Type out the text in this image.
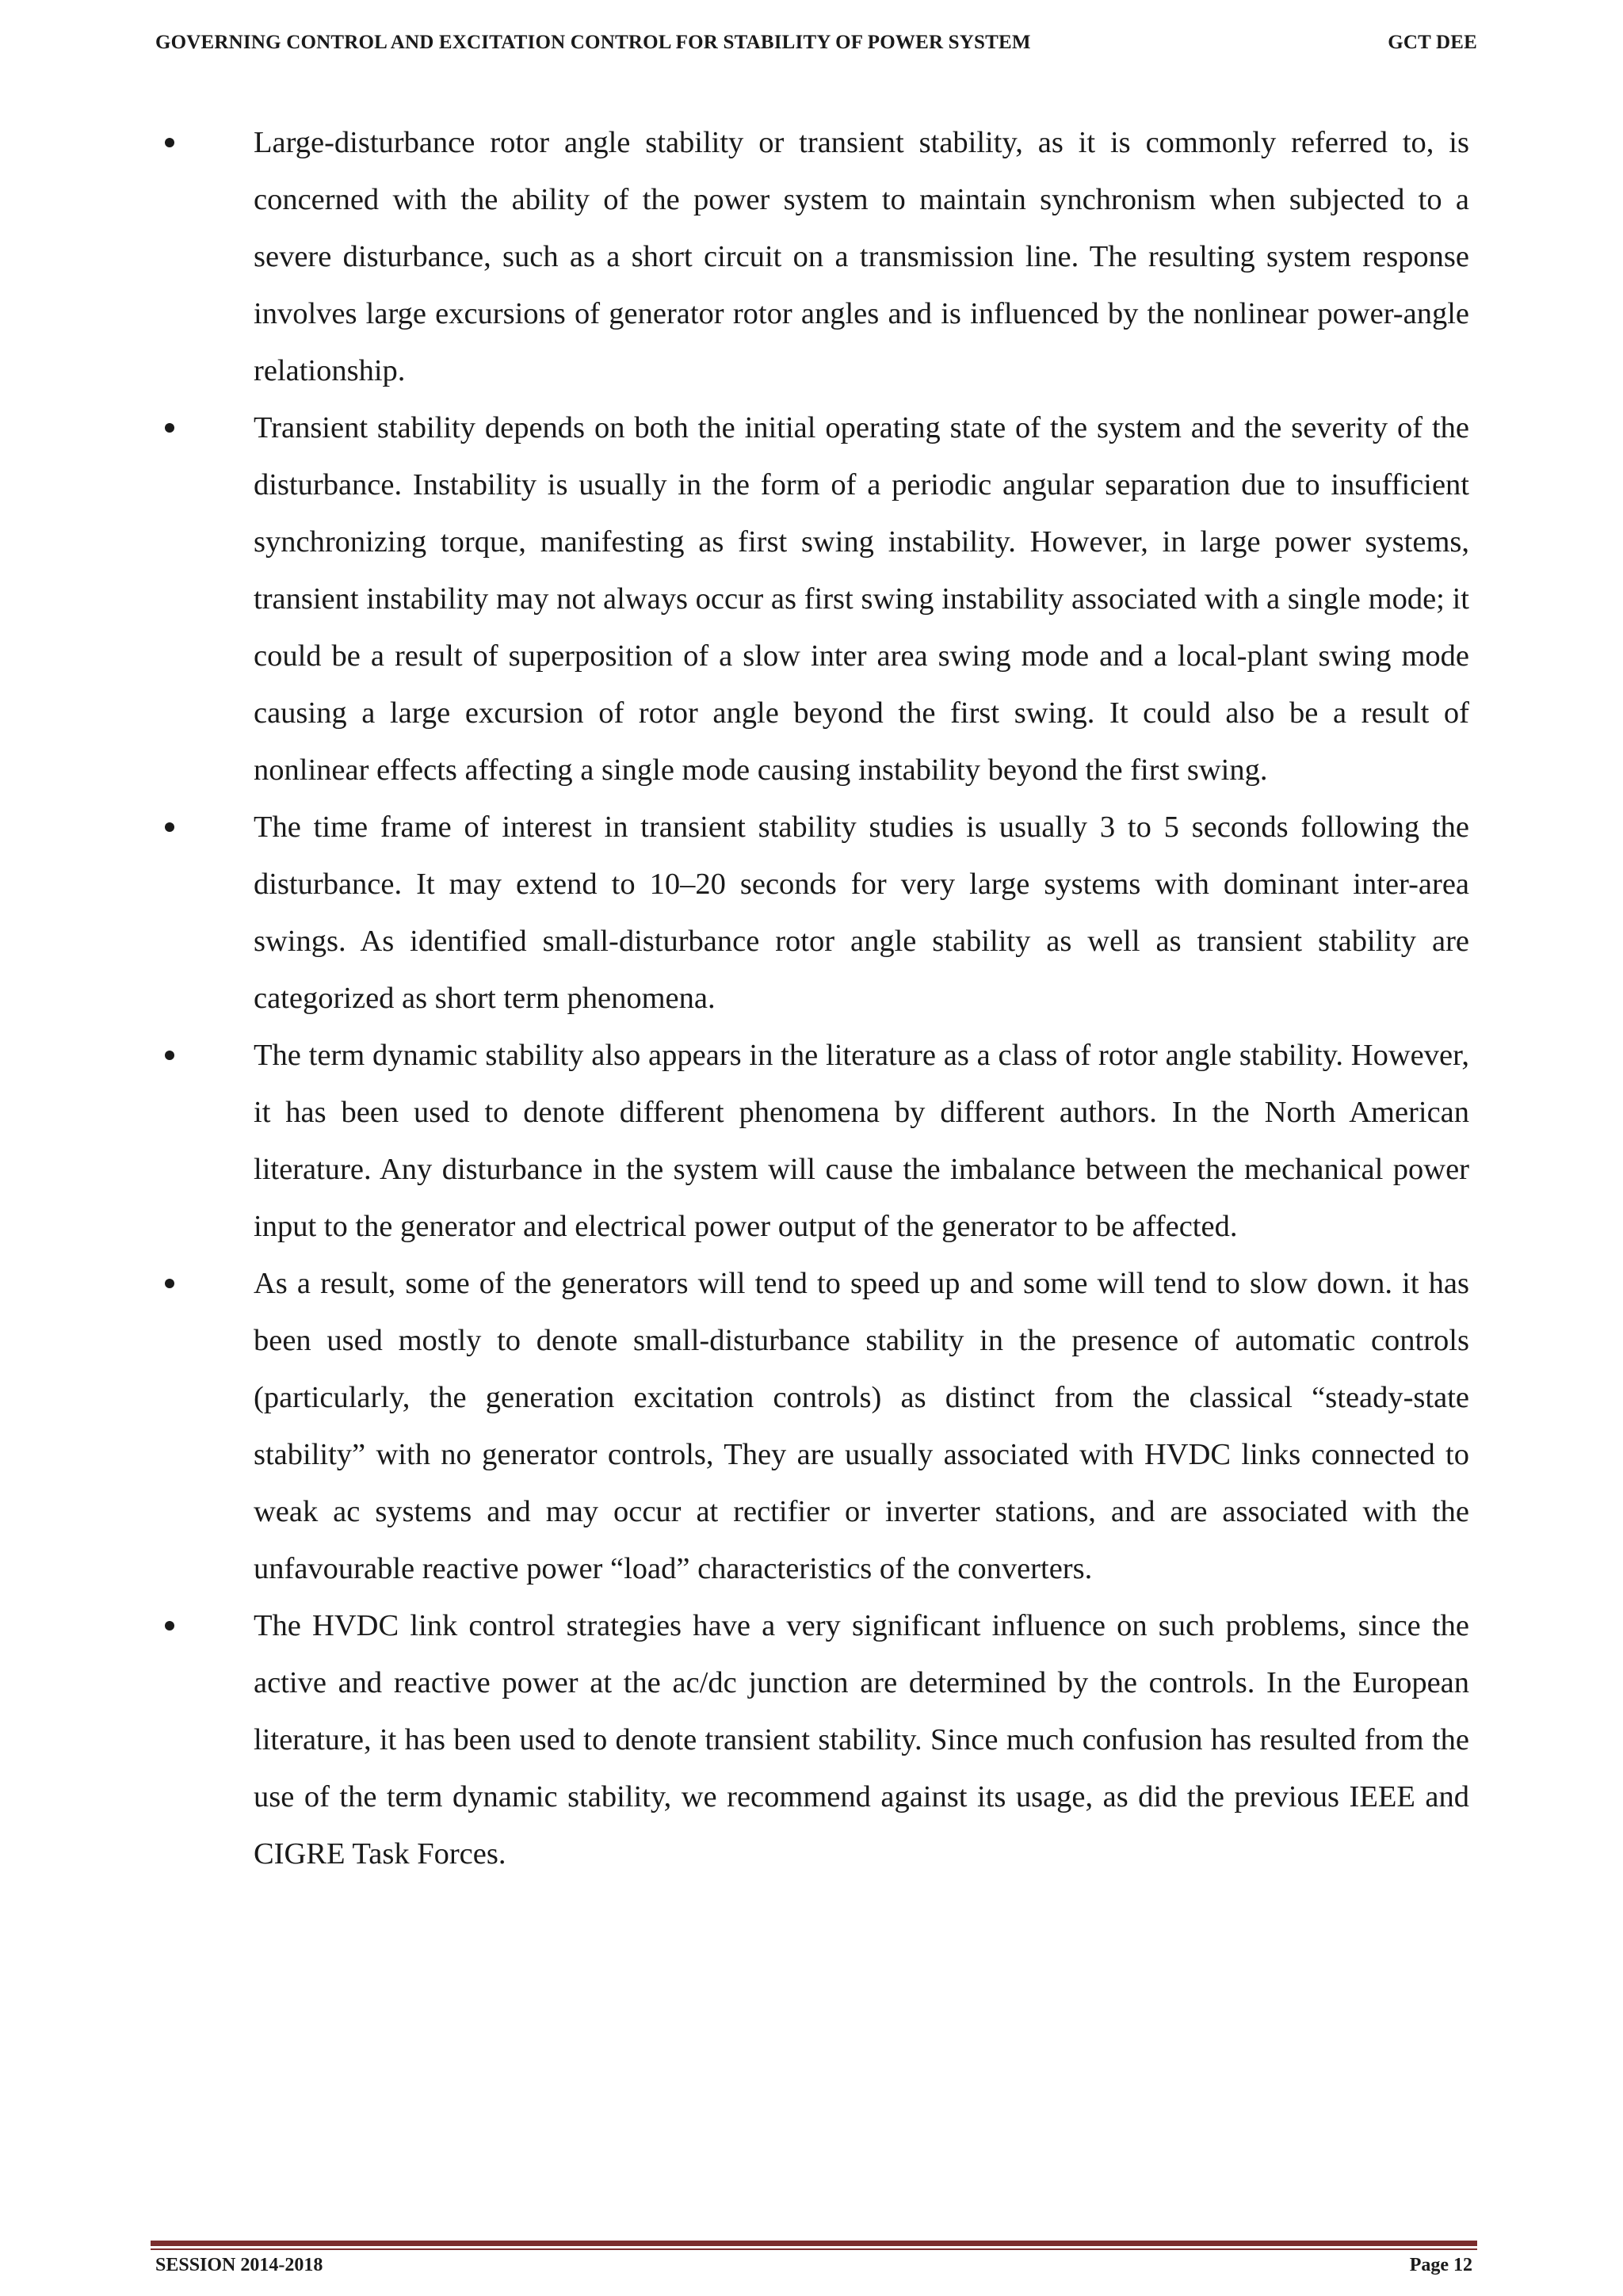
GOVERNING CONTROL AND EXCITATION CONTROL FOR STABILITY OF POWER SYSTEM	GCT DEE
Large-disturbance rotor angle stability or transient stability, as it is commonly referred to, is concerned with the ability of the power system to maintain synchronism when subjected to a severe disturbance, such as a short circuit on a transmission line. The resulting system response involves large excursions of generator rotor angles and is influenced by the nonlinear power-angle relationship.
Transient stability depends on both the initial operating state of the system and the severity of the disturbance. Instability is usually in the form of a periodic angular separation due to insufficient synchronizing torque, manifesting as first swing instability. However, in large power systems, transient instability may not always occur as first swing instability associated with a single mode; it could be a result of superposition of a slow inter area swing mode and a local-plant swing mode causing a large excursion of rotor angle beyond the first swing. It could also be a result of nonlinear effects affecting a single mode causing instability beyond the first swing.
The time frame of interest in transient stability studies is usually 3 to 5 seconds following the disturbance. It may extend to 10–20 seconds for very large systems with dominant inter-area swings. As identified small-disturbance rotor angle stability as well as transient stability are categorized as short term phenomena.
The term dynamic stability also appears in the literature as a class of rotor angle stability. However, it has been used to denote different phenomena by different authors. In the North American literature. Any disturbance in the system will cause the imbalance between the mechanical power input to the generator and electrical power output of the generator to be affected.
As a result, some of the generators will tend to speed up and some will tend to slow down. it has been used mostly to denote small-disturbance stability in the presence of automatic controls (particularly, the generation excitation controls) as distinct from the classical “steady-state stability” with no generator controls, They are usually associated with HVDC links connected to weak ac systems and may occur at rectifier or inverter stations, and are associated with the unfavourable reactive power “load” characteristics of the converters.
The HVDC link control strategies have a very significant influence on such problems, since the active and reactive power at the ac/dc junction are determined by the controls. In the European literature, it has been used to denote transient stability. Since much confusion has resulted from the use of the term dynamic stability, we recommend against its usage, as did the previous IEEE and CIGRE Task Forces.
SESSION 2014-2018	Page 12
